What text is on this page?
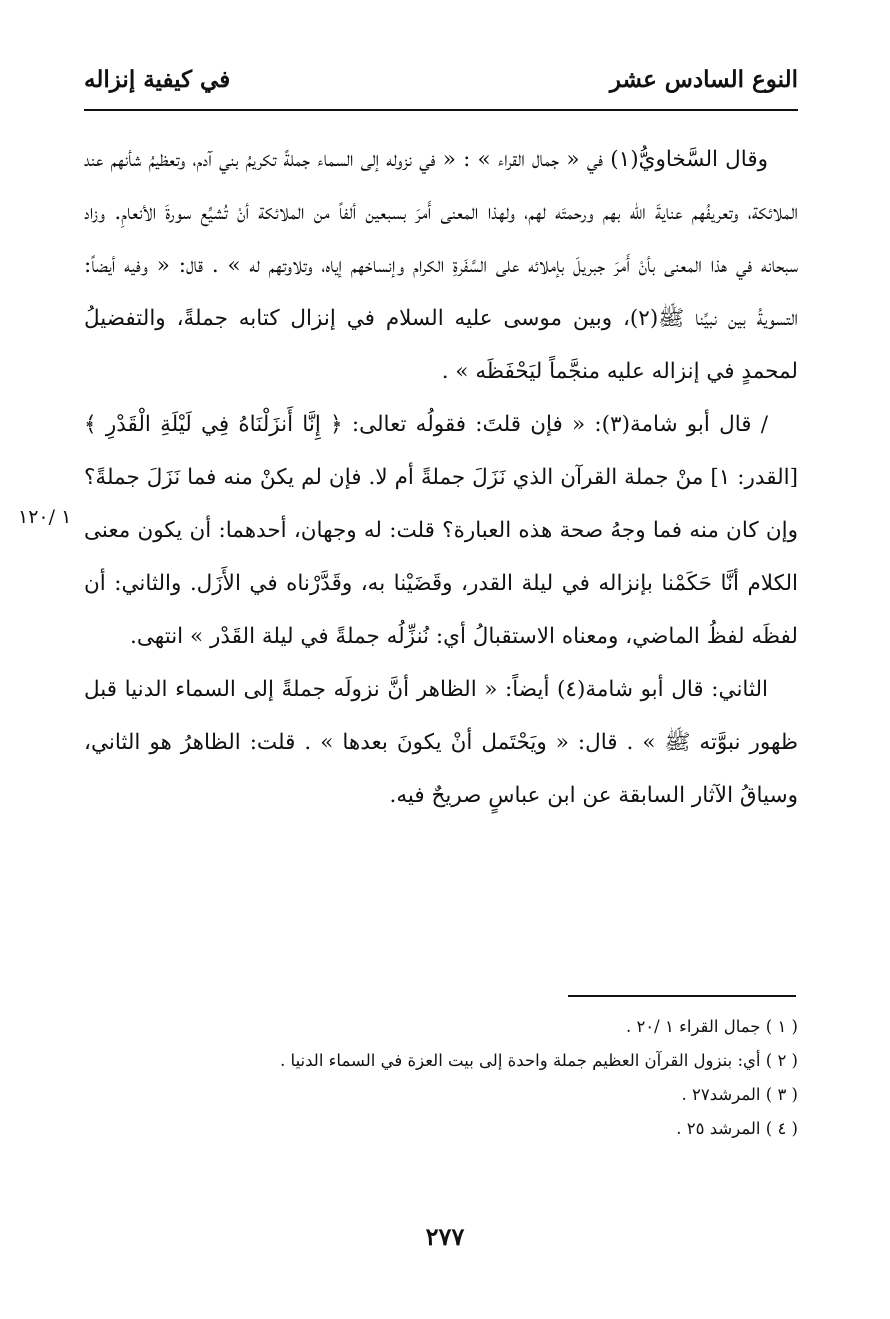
النوع السادس عشر
في كيفية إنزاله

وقال السَّخاويُّ(١) في « جمال القراء » : « في نزوله إلى السماء جملةً تكريمُ بني آدم، وتعظيمُ شأنهم عند الملائكة، وتعريفُهم عنايةَ الله بهم ورحمتَه لهم، ولهذا المعنى أَمرَ بسبعين ألفاً من الملائكة أنْ تُشيِّع سورةَ الأنعامِ. وزاد سبحانه في هذا المعنى بأنْ أَمرَ جبريلَ بإملائه على السَّفَرةِ الكرام وإنساخهم إياه، وتلاوتهم له » . قال: « وفيه أيضاً: التسويةُ بين نبيِّنا ﷺ(٢)، وبين موسى عليه السلام في إنزال كتابه جملةً، والتفضيلُ لمحمدٍ في إنزاله عليه منجَّماً ليَحْفَظَه » .

/ قال أبو شامة(٣): « فإن قلتَ: فقولُه تعالى: ﴿ إِنَّا أَنزَلْنَاهُ فِي لَيْلَةِ الْقَدْرِ ﴾ [القدر: ١] منْ جملة القرآن الذي نَزَلَ جملةً أم لا. فإن لم يكنْ منه فما نَزَلَ جملةً؟ وإن كان منه فما وجهُ صحة هذه العبارة؟ قلت: له وجهان، أحدهما: أن يكون معنى الكلام أنَّا حَكَمْنا بإنزاله في ليلة القدر، وقَضَيْنا به، وقَدَّرْناه في الأَزَل. والثاني: أن لفظَه لفظُ الماضي، ومعناه الاستقبالُ أي: نُنزِّلُه جملةً في ليلة القَدْر » انتهى.

الثاني: قال أبو شامة(٤) أيضاً: « الظاهر أنَّ نزولَه جملةً إلى السماء الدنيا قبل ظهور نبوَّته ﷺ » . قال: « ويَحْتَمل أنْ يكونَ بعدها » . قلت: الظاهرُ هو الثاني، وسياقُ الآثار السابقة عن ابن عباسٍ صريحٌ فيه.

١ /١٢٠

( ١ ) جمال القراء ١ /٢٠ .

( ٢ ) أي: بنزول القرآن العظيم جملة واحدة إلى بيت العزة في السماء الدنيا .

( ٣ ) المرشد٢٧ .

( ٤ ) المرشد ٢٥ .

٢٧٧
